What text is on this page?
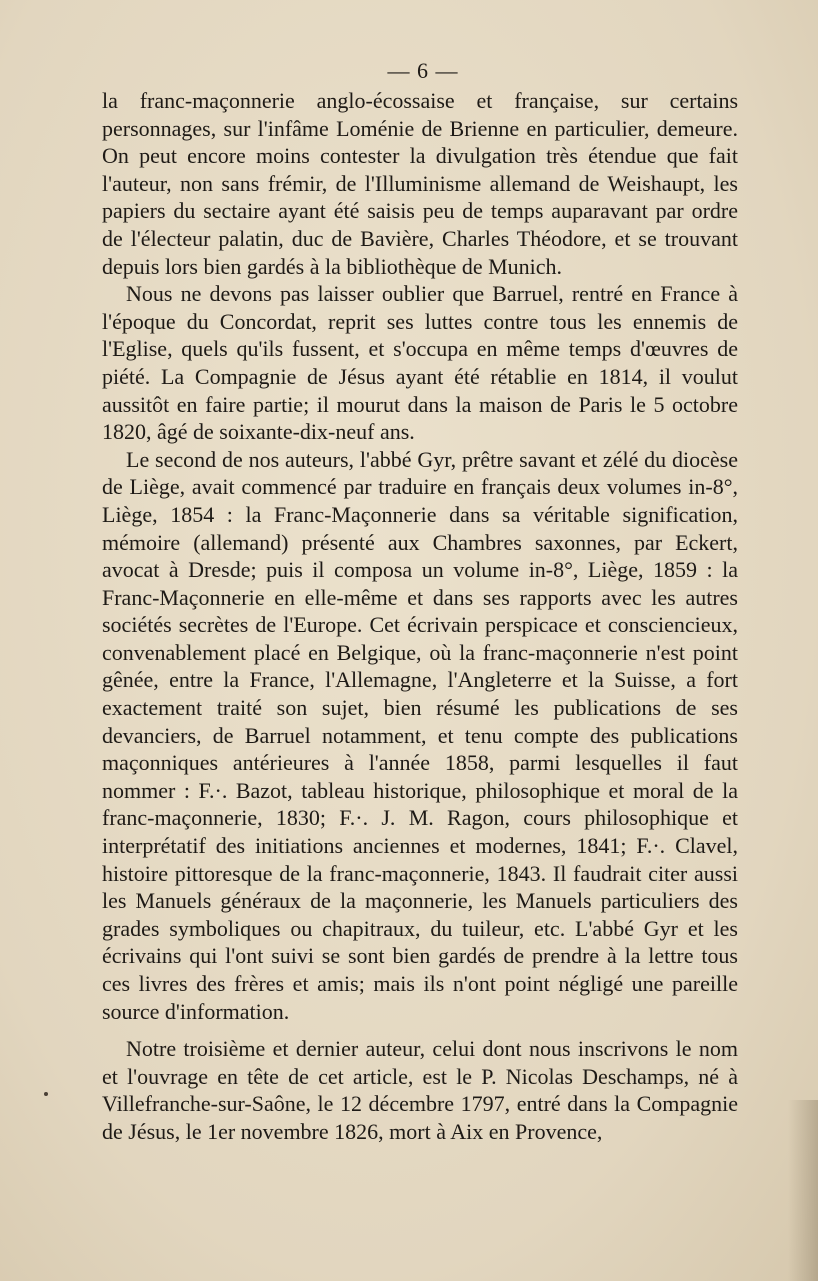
— 6 —

la franc-maçonnerie anglo-écossaise et française, sur certains personnages, sur l'infâme Loménie de Brienne en particulier, demeure. On peut encore moins contester la divulgation très étendue que fait l'auteur, non sans frémir, de l'Illuminisme allemand de Weishaupt, les papiers du sectaire ayant été saisis peu de temps auparavant par ordre de l'électeur palatin, duc de Bavière, Charles Théodore, et se trouvant depuis lors bien gardés à la bibliothèque de Munich.

Nous ne devons pas laisser oublier que Barruel, rentré en France à l'époque du Concordat, reprit ses luttes contre tous les ennemis de l'Eglise, quels qu'ils fussent, et s'occupa en même temps d'œuvres de piété. La Compagnie de Jésus ayant été rétablie en 1814, il voulut aussitôt en faire partie; il mourut dans la maison de Paris le 5 octobre 1820, âgé de soixante-dix-neuf ans.

Le second de nos auteurs, l'abbé Gyr, prêtre savant et zélé du diocèse de Liège, avait commencé par traduire en français deux volumes in-8°, Liège, 1854 : la Franc-Maçonnerie dans sa véritable signification, mémoire (allemand) présenté aux Chambres saxonnes, par Eckert, avocat à Dresde; puis il composa un volume in-8°, Liège, 1859 : la Franc-Maçonnerie en elle-même et dans ses rapports avec les autres sociétés secrètes de l'Europe. Cet écrivain perspicace et consciencieux, convenablement placé en Belgique, où la franc-maçonnerie n'est point gênée, entre la France, l'Allemagne, l'Angleterre et la Suisse, a fort exactement traité son sujet, bien résumé les publications de ses devanciers, de Barruel notamment, et tenu compte des publications maçonniques antérieures à l'année 1858, parmi lesquelles il faut nommer : F.·. Bazot, tableau historique, philosophique et moral de la franc-maçonnerie, 1830; F.·. J. M. Ragon, cours philosophique et interprétatif des initiations anciennes et modernes, 1841; F.·. Clavel, histoire pittoresque de la franc-maçonnerie, 1843. Il faudrait citer aussi les Manuels généraux de la maçonnerie, les Manuels particuliers des grades symboliques ou chapitraux, du tuileur, etc. L'abbé Gyr et les écrivains qui l'ont suivi se sont bien gardés de prendre à la lettre tous ces livres des frères et amis; mais ils n'ont point négligé une pareille source d'information.

Notre troisième et dernier auteur, celui dont nous inscrivons le nom et l'ouvrage en tête de cet article, est le P. Nicolas Deschamps, né à Villefranche-sur-Saône, le 12 décembre 1797, entré dans la Compagnie de Jésus, le 1er novembre 1826, mort à Aix en Provence,
